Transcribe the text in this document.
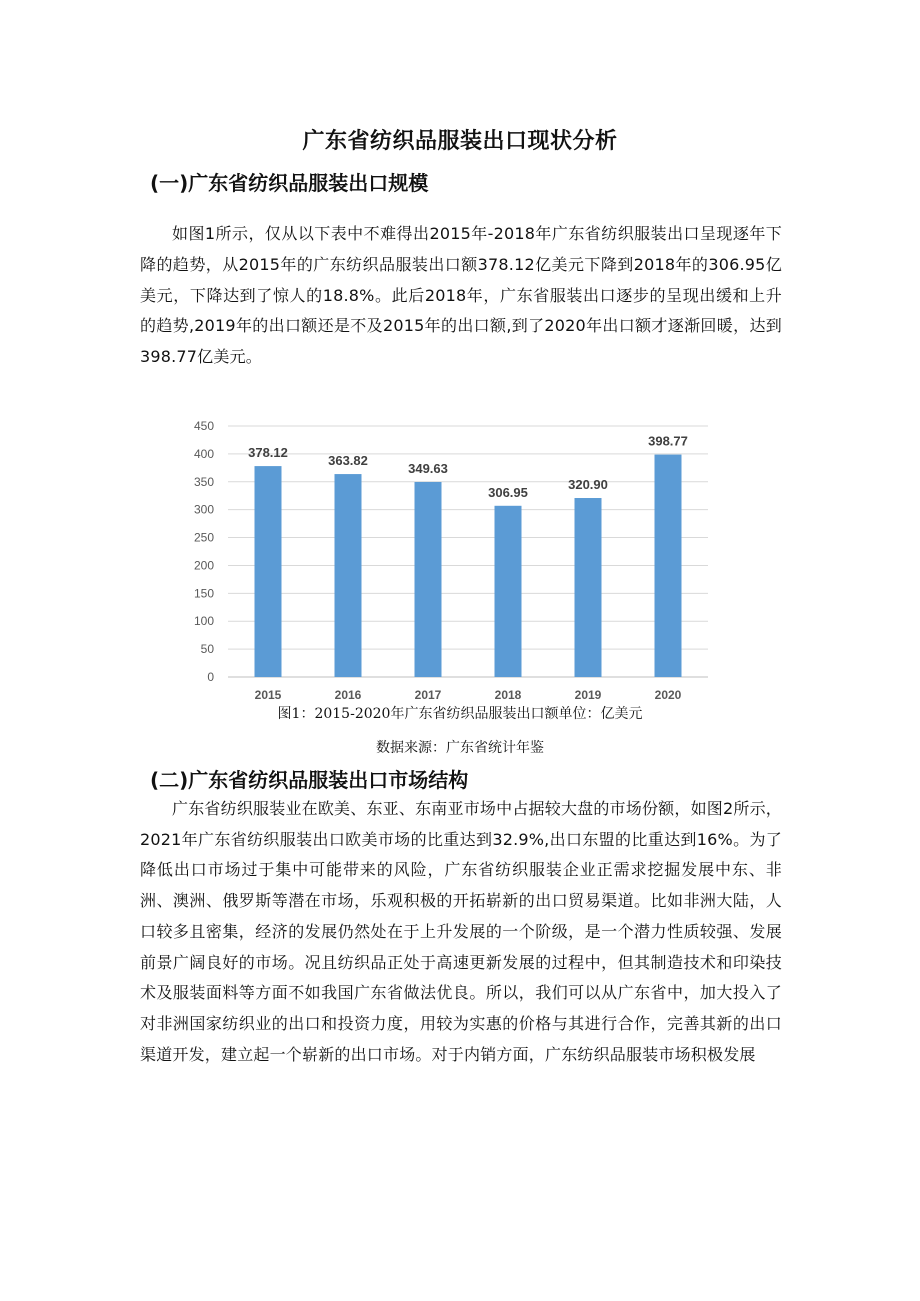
广东省纺织品服装出口现状分析
(一)广东省纺织品服装出口规模

如图1所示，仅从以下表中不难得出2015年-2018年广东省纺织服装出口呈现逐年下降的趋势，从2015年的广东纺织品服装出口额378.12亿美元下降到2018年的306.95亿美元，下降达到了惊人的18.8%。此后2018年，广东省服装出口逐步的呈现出缓和上升的趋势,2019年的出口额还是不及2015年的出口额,到了2020年出口额才逐渐回暖，达到398.77亿美元。

0
50
100
150
200
250
300
350
400
450
378.12
2015
363.82
2016
349.63
2017
306.95
2018
320.90
2019
398.77
2020

图1：2015-2020年广东省纺织品服装出口额单位：亿美元

数据来源：广东省统计年鉴

(二)广东省纺织品服装出口市场结构

广东省纺织服装业在欧美、东亚、东南亚市场中占据较大盘的市场份额，如图2所示，2021年广东省纺织服装出口欧美市场的比重达到32.9%,出口东盟的比重达到16%。为了降低出口市场过于集中可能带来的风险，广东省纺织服装企业正需求挖掘发展中东、非洲、澳洲、俄罗斯等潜在市场，乐观积极的开拓崭新的出口贸易渠道。比如非洲大陆，人口较多且密集，经济的发展仍然处在于上升发展的一个阶级，是一个潜力性质较强、发展前景广阔良好的市场。况且纺织品正处于高速更新发展的过程中，但其制造技术和印染技术及服装面料等方面不如我国广东省做法优良。所以，我们可以从广东省中，加大投入了对非洲国家纺织业的出口和投资力度，用较为实惠的价格与其进行合作，完善其新的出口渠道开发，建立起一个崭新的出口市场。对于内销方面，广东纺织品服装市场积极发展
